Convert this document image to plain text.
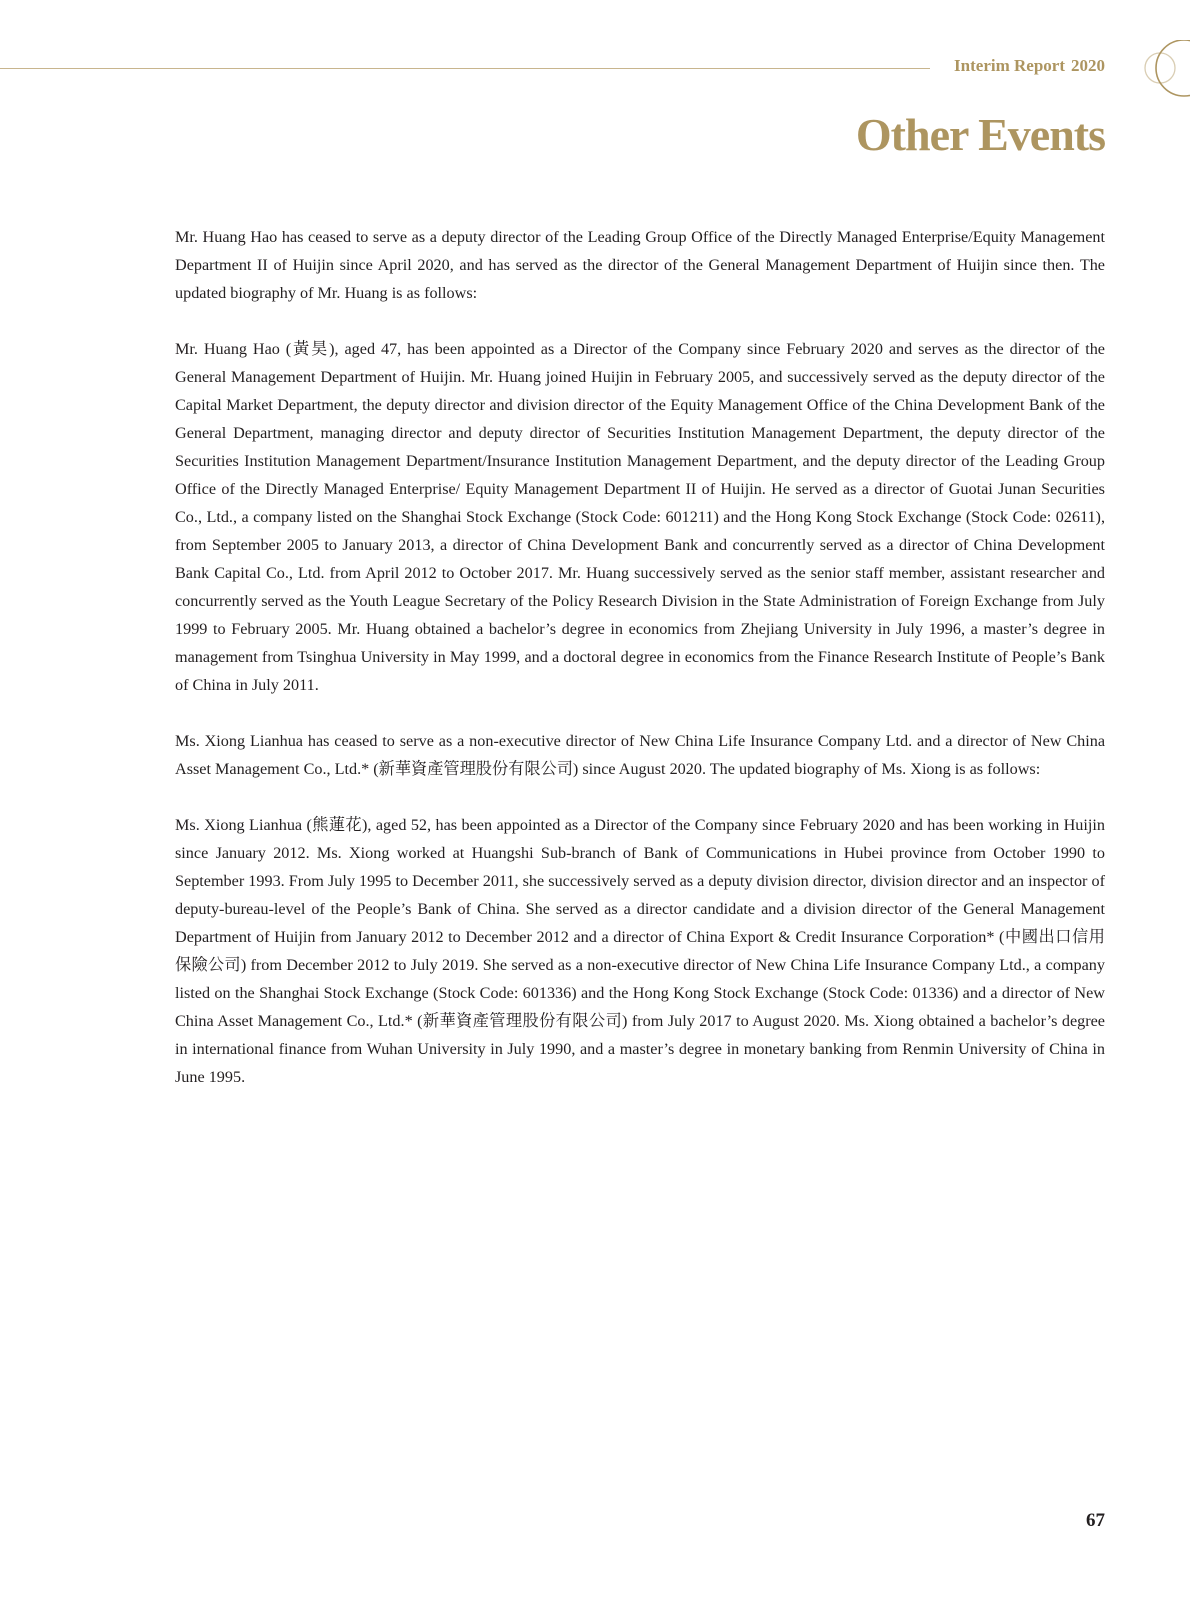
Interim Report 2020
Other Events

Mr. Huang Hao has ceased to serve as a deputy director of the Leading Group Office of the Directly Managed Enterprise/Equity Management Department II of Huijin since April 2020, and has served as the director of the General Management Department of Huijin since then. The updated biography of Mr. Huang is as follows:

Mr. Huang Hao (黃昊), aged 47, has been appointed as a Director of the Company since February 2020 and serves as the director of the General Management Department of Huijin. Mr. Huang joined Huijin in February 2005, and successively served as the deputy director of the Capital Market Department, the deputy director and division director of the Equity Management Office of the China Development Bank of the General Department, managing director and deputy director of Securities Institution Management Department, the deputy director of the Securities Institution Management Department/Insurance Institution Management Department, and the deputy director of the Leading Group Office of the Directly Managed Enterprise/ Equity Management Department II of Huijin. He served as a director of Guotai Junan Securities Co., Ltd., a company listed on the Shanghai Stock Exchange (Stock Code: 601211) and the Hong Kong Stock Exchange (Stock Code: 02611), from September 2005 to January 2013, a director of China Development Bank and concurrently served as a director of China Development Bank Capital Co., Ltd. from April 2012 to October 2017. Mr. Huang successively served as the senior staff member, assistant researcher and concurrently served as the Youth League Secretary of the Policy Research Division in the State Administration of Foreign Exchange from July 1999 to February 2005. Mr. Huang obtained a bachelor’s degree in economics from Zhejiang University in July 1996, a master’s degree in management from Tsinghua University in May 1999, and a doctoral degree in economics from the Finance Research Institute of People’s Bank of China in July 2011.

Ms. Xiong Lianhua has ceased to serve as a non-executive director of New China Life Insurance Company Ltd. and a director of New China Asset Management Co., Ltd.* (新華資產管理股份有限公司) since August 2020. The updated biography of Ms. Xiong is as follows:

Ms. Xiong Lianhua (熊蓮花), aged 52, has been appointed as a Director of the Company since February 2020 and has been working in Huijin since January 2012. Ms. Xiong worked at Huangshi Sub-branch of Bank of Communications in Hubei province from October 1990 to September 1993. From July 1995 to December 2011, she successively served as a deputy division director, division director and an inspector of deputy-bureau-level of the People’s Bank of China. She served as a director candidate and a division director of the General Management Department of Huijin from January 2012 to December 2012 and a director of China Export & Credit Insurance Corporation* (中國出口信用保險公司) from December 2012 to July 2019. She served as a non-executive director of New China Life Insurance Company Ltd., a company listed on the Shanghai Stock Exchange (Stock Code: 601336) and the Hong Kong Stock Exchange (Stock Code: 01336) and a director of New China Asset Management Co., Ltd.* (新華資產管理股份有限公司) from July 2017 to August 2020. Ms. Xiong obtained a bachelor’s degree in international finance from Wuhan University in July 1990, and a master’s degree in monetary banking from Renmin University of China in June 1995.

67
